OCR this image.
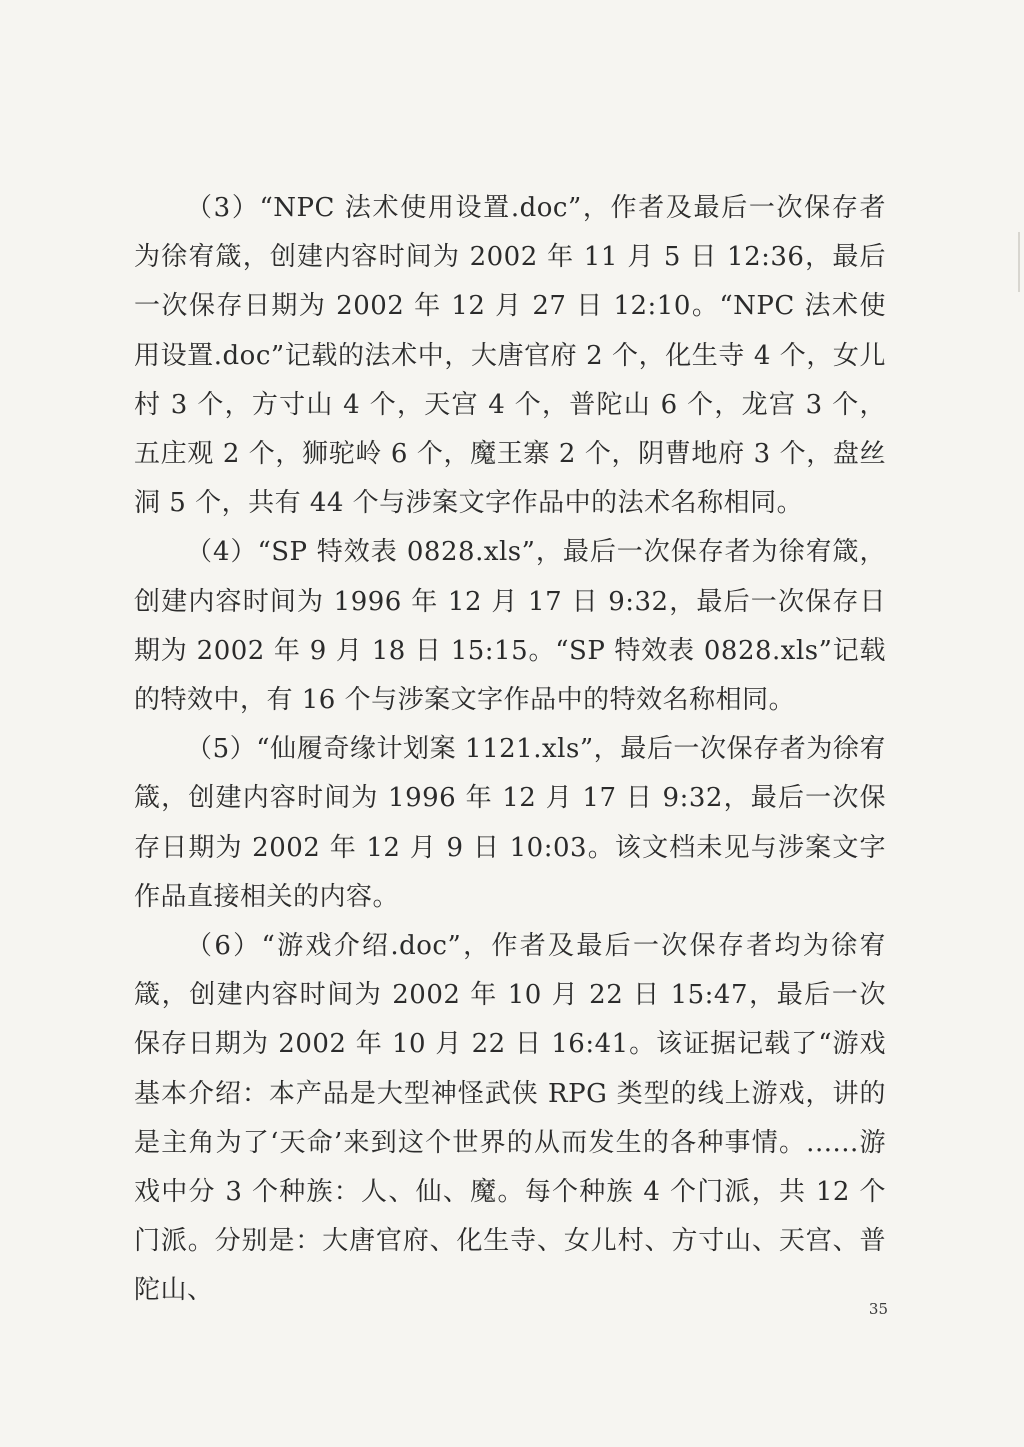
（3）“NPC 法术使用设置.doc”，作者及最后一次保存者为徐宥箴，创建内容时间为 2002 年 11 月 5 日 12:36，最后一次保存日期为 2002 年 12 月 27 日 12:10。“NPC 法术使用设置.doc”记载的法术中，大唐官府 2 个，化生寺 4 个，女儿村 3 个，方寸山 4 个，天宫 4 个，普陀山 6 个，龙宫 3 个，五庄观 2 个，狮驼岭 6 个，魔王寨 2 个，阴曹地府 3 个，盘丝洞 5 个，共有 44 个与涉案文字作品中的法术名称相同。

（4）“SP 特效表 0828.xls”，最后一次保存者为徐宥箴，创建内容时间为 1996 年 12 月 17 日 9:32，最后一次保存日期为 2002 年 9 月 18 日 15:15。“SP 特效表 0828.xls”记载的特效中，有 16 个与涉案文字作品中的特效名称相同。

（5）“仙履奇缘计划案 1121.xls”，最后一次保存者为徐宥箴，创建内容时间为 1996 年 12 月 17 日 9:32，最后一次保存日期为 2002 年 12 月 9 日 10:03。该文档未见与涉案文字作品直接相关的内容。

（6）“游戏介绍.doc”，作者及最后一次保存者均为徐宥箴，创建内容时间为 2002 年 10 月 22 日 15:47，最后一次保存日期为 2002 年 10 月 22 日 16:41。该证据记载了“游戏基本介绍：本产品是大型神怪武侠 RPG 类型的线上游戏，讲的是主角为了‘天命’来到这个世界的从而发生的各种事情。......游戏中分 3 个种族：人、仙、魔。每个种族 4 个门派，共 12 个门派。分别是：大唐官府、化生寺、女儿村、方寸山、天宫、普陀山、

35
